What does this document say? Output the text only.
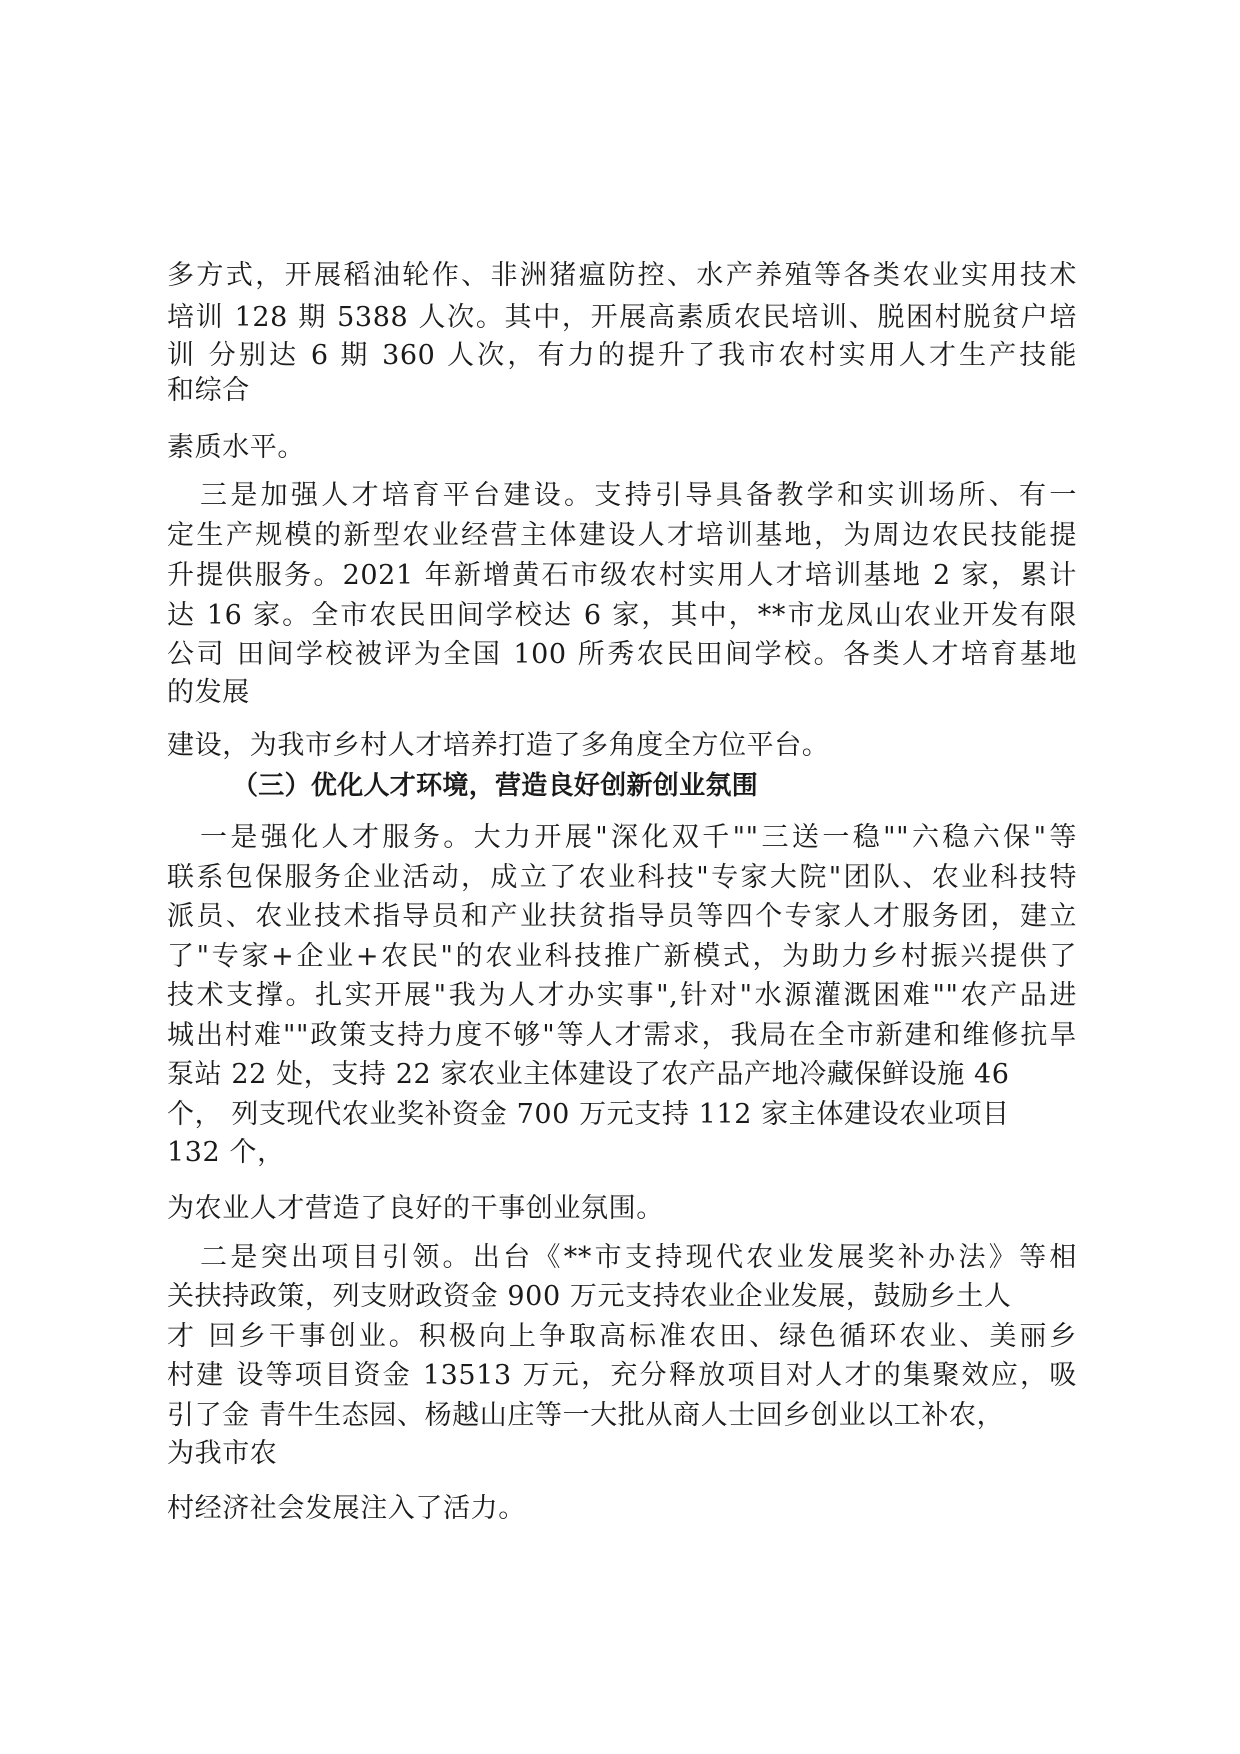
多方式，开展稻油轮作、非洲猪瘟防控、水产养殖等各类农业实用技术
培训 128 期 5388 人次。其中，开展高素质农民培训、脱困村脱贫户培
训 分别达 6 期 360 人次，有力的提升了我市农村实用人才生产技能
和综合
素质水平。
三是加强人才培育平台建设。支持引导具备教学和实训场所、有一
定生产规模的新型农业经营主体建设人才培训基地，为周边农民技能提
升提供服务。2021 年新增黄石市级农村实用人才培训基地 2 家，累计
达 16 家。全市农民田间学校达 6 家，其中，**市龙凤山农业开发有限
公司 田间学校被评为全国 100 所秀农民田间学校。各类人才培育基地
的发展
建设，为我市乡村人才培养打造了多角度全方位平台。
（三）优化人才环境，营造良好创新创业氛围
一是强化人才服务。大力开展"深化双千""三送一稳""六稳六保"等
联系包保服务企业活动，成立了农业科技"专家大院"团队、农业科技特
派员、农业技术指导员和产业扶贫指导员等四个专家人才服务团，建立
了"专家+企业+农民"的农业科技推广新模式，为助力乡村振兴提供了
技术支撑。扎实开展"我为人才办实事",针对"水源灌溉困难""农产品进
城出村难""政策支持力度不够"等人才需求，我局在全市新建和维修抗旱
泵站 22 处，支持 22 家农业主体建设了农产品产地冷藏保鲜设施 46
个， 列支现代农业奖补资金 700 万元支持 112 家主体建设农业项目
132 个，
为农业人才营造了良好的干事创业氛围。
二是突出项目引领。出台《**市支持现代农业发展奖补办法》等相
关扶持政策，列支财政资金 900 万元支持农业企业发展，鼓励乡土人
才 回乡干事创业。积极向上争取高标准农田、绿色循环农业、美丽乡
村建 设等项目资金 13513 万元，充分释放项目对人才的集聚效应，吸
引了金 青牛生态园、杨越山庄等一大批从商人士回乡创业以工补农，
为我市农
村经济社会发展注入了活力。
